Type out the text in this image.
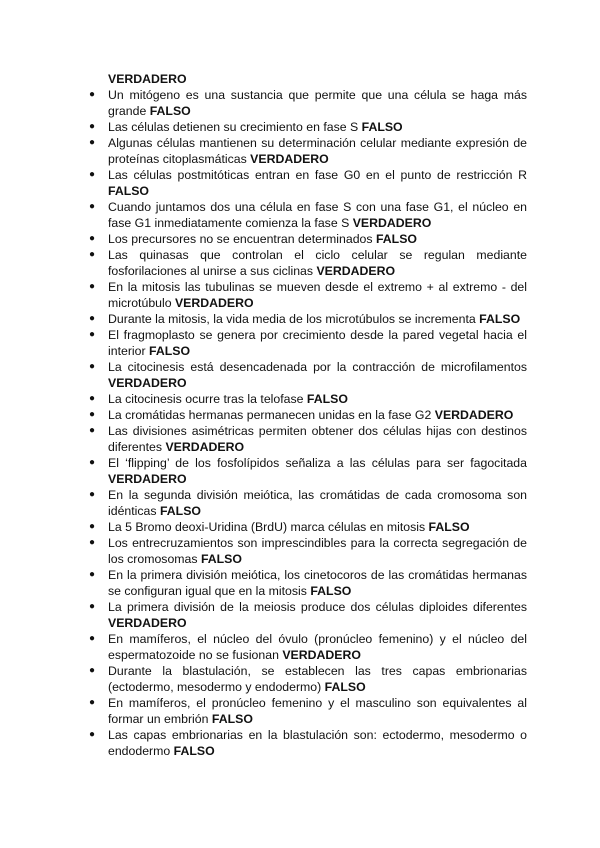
VERDADERO
●	Un mitógeno es una sustancia que permite que una célula se haga más grande FALSO
●	Las células detienen su crecimiento en fase S FALSO
●	Algunas células mantienen su determinación celular mediante expresión de proteínas citoplasmáticas VERDADERO
●	Las células postmitóticas entran en fase G0 en el punto de restricción R FALSO
●	Cuando juntamos dos una célula en fase S con una fase G1, el núcleo en fase G1 inmediatamente comienza la fase S VERDADERO
●	Los precursores no se encuentran determinados FALSO
●	Las quinasas que controlan el ciclo celular se regulan mediante fosforilaciones al unirse a sus ciclinas VERDADERO
●	En la mitosis las tubulinas se mueven desde el extremo + al extremo - del microtúbulo VERDADERO
●	Durante la mitosis, la vida media de los microtúbulos se incrementa FALSO
●	El fragmoplasto se genera por crecimiento desde la pared vegetal hacia el interior FALSO
●	La citocinesis está desencadenada por la contracción de microfilamentos VERDADERO
●	La citocinesis ocurre tras la telofase FALSO
●	La cromátidas hermanas permanecen unidas en la fase G2 VERDADERO
●	Las divisiones asimétricas permiten obtener dos células hijas con destinos diferentes VERDADERO
●	El ‘flipping’ de los fosfolípidos señaliza a las células para ser fagocitada VERDADERO
●	En la segunda división meiótica, las cromátidas de cada cromosoma son idénticas FALSO
●	La 5 Bromo deoxi-Uridina (BrdU) marca células en mitosis FALSO
●	Los entrecruzamientos son imprescindibles para la correcta segregación de los cromosomas FALSO
●	En la primera división meiótica, los cinetocoros de las cromátidas hermanas se configuran igual que en la mitosis FALSO
●	La primera división de la meiosis produce dos células diploides diferentes VERDADERO
●	En mamíferos, el núcleo del óvulo (pronúcleo femenino) y el núcleo del espermatozoide no se fusionan VERDADERO
●	Durante la blastulación, se establecen las tres capas embrionarias (ectodermo, mesodermo y endodermo) FALSO
●	En mamíferos, el pronúcleo femenino y el masculino son equivalentes al formar un embrión FALSO
●	Las capas embrionarias en la blastulación son: ectodermo, mesodermo o endodermo FALSO
